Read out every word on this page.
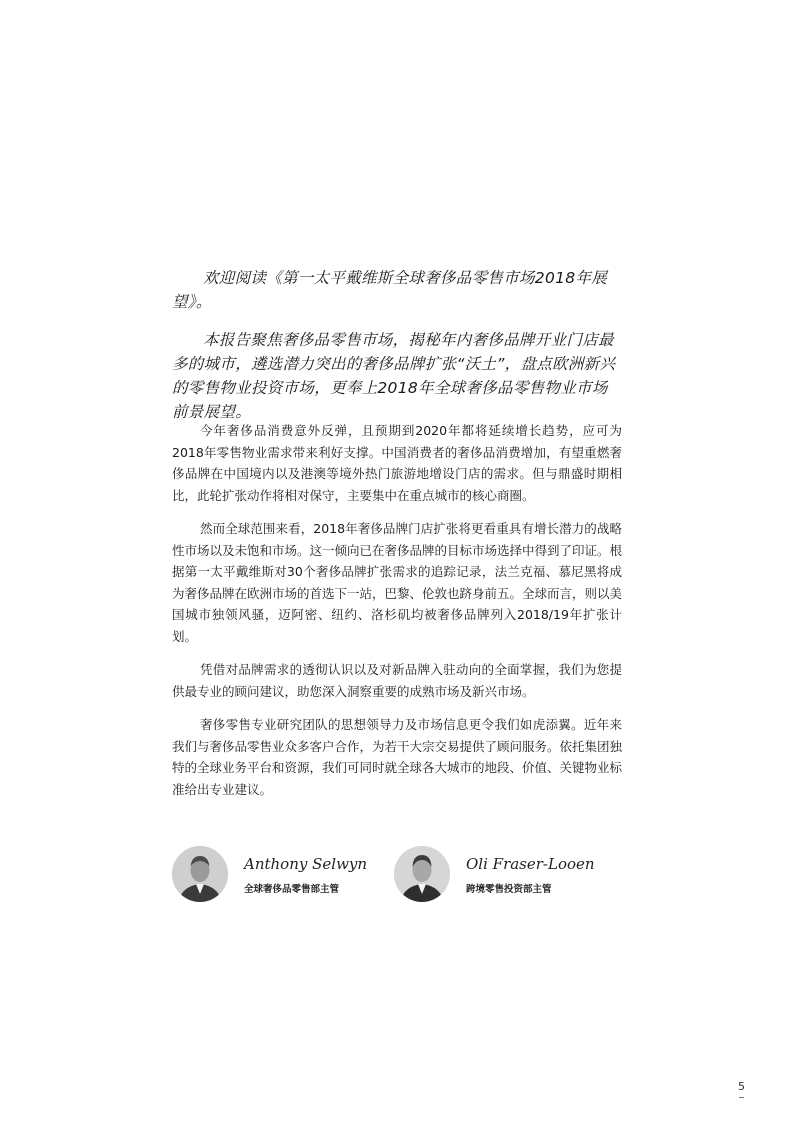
欢迎阅读《第一太平戴维斯全球奢侈品零售市场2018年展望》。

本报告聚焦奢侈品零售市场，揭秘年内奢侈品牌开业门店最多的城市，遴选潜力突出的奢侈品牌扩张“沃土”，盘点欧洲新兴的零售物业投资市场，更奉上2018年全球奢侈品零售物业市场前景展望。

今年奢侈品消费意外反弹，且预期到2020年都将延续增长趋势，应可为2018年零售物业需求带来利好支撑。中国消费者的奢侈品消费增加，有望重燃奢侈品牌在中国境内以及港澳等境外热门旅游地增设门店的需求。但与鼎盛时期相比，此轮扩张动作将相对保守，主要集中在重点城市的核心商圈。

然而全球范围来看，2018年奢侈品牌门店扩张将更看重具有增长潜力的战略性市场以及未饱和市场。这一倾向已在奢侈品牌的目标市场选择中得到了印证。根据第一太平戴维斯对30个奢侈品牌扩张需求的追踪记录，法兰克福、慕尼黑将成为奢侈品牌在欧洲市场的首选下一站，巴黎、伦敦也跻身前五。全球而言，则以美国城市独领风骚，迈阿密、纽约、洛杉矶均被奢侈品牌列入2018/19年扩张计划。

凭借对品牌需求的透彻认识以及对新品牌入驻动向的全面掌握，我们为您提供最专业的顾问建议，助您深入洞察重要的成熟市场及新兴市场。

奢侈零售专业研究团队的思想领导力及市场信息更令我们如虎添翼。近年来我们与奢侈品零售业众多客户合作，为若干大宗交易提供了顾问服务。依托集团独特的全球业务平台和资源，我们可同时就全球各大城市的地段、价值、关键物业标准给出专业建议。

Anthony Selwyn
全球奢侈品零售部主管
Oli Fraser-Looen
跨境零售投资部主管
5
